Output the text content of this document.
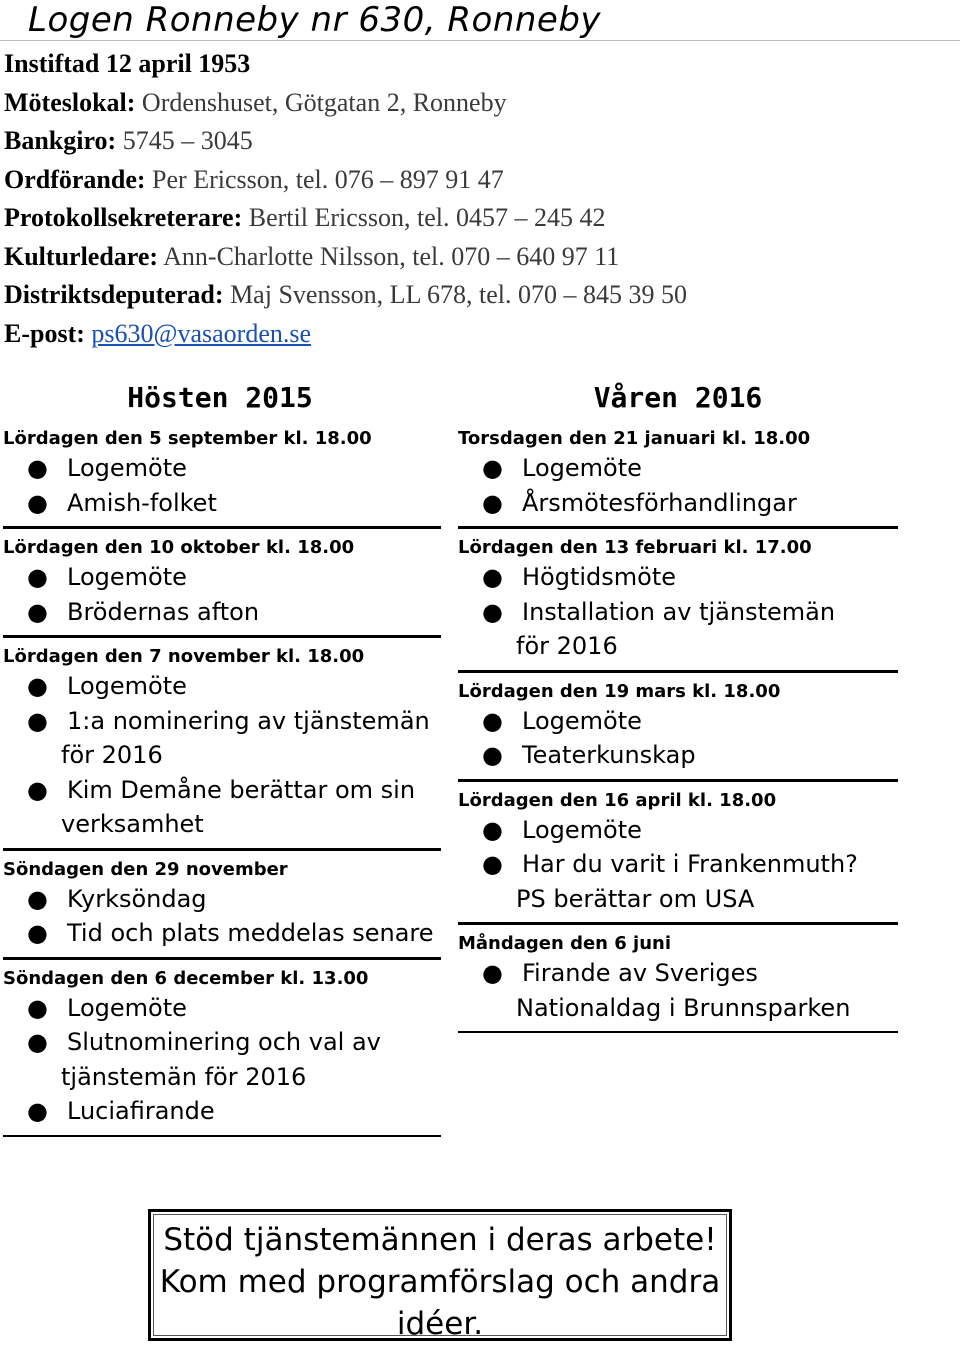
Logen Ronneby nr 630, Ronneby
Instiftad 12 april 1953
Möteslokal: Ordenshuset, Götgatan 2, Ronneby
Bankgiro: 5745 – 3045
Ordförande: Per Ericsson, tel. 076 – 897 91 47
Protokollsekreterare: Bertil Ericsson, tel. 0457 – 245 42
Kulturledare: Ann-Charlotte Nilsson, tel. 070 – 640 97 11
Distriktsdeputerad: Maj Svensson, LL 678, tel. 070 – 845 39 50
E-post: ps630@vasaorden.se
Hösten 2015
Lördagen den 5 september kl. 18.00
● Logemöte
● Amish-folket
Lördagen den 10 oktober kl. 18.00
● Logemöte
● Brödernas afton
Lördagen den 7 november kl. 18.00
● Logemöte
● 1:a nominering av tjänstemän
för 2016
● Kim Demåne berättar om sin
verksamhet
Söndagen den 29 november
● Kyrksöndag
● Tid och plats meddelas senare
Söndagen den 6 december kl. 13.00
● Logemöte
● Slutnominering och val av
tjänstemän för 2016
● Luciafirande
Våren 2016
Torsdagen den 21 januari kl. 18.00
● Logemöte
● Årsmötesförhandlingar
Lördagen den 13 februari kl. 17.00
● Högtidsmöte
● Installation av tjänstemän
för 2016
Lördagen den 19 mars kl. 18.00
● Logemöte
● Teaterkunskap
Lördagen den 16 april kl. 18.00
● Logemöte
● Har du varit i Frankenmuth?
PS berättar om USA
Måndagen den 6 juni
● Firande av Sveriges
Nationaldag i Brunnsparken
Stöd tjänstemännen i deras arbete!
Kom med programförslag och andra
idéer.
